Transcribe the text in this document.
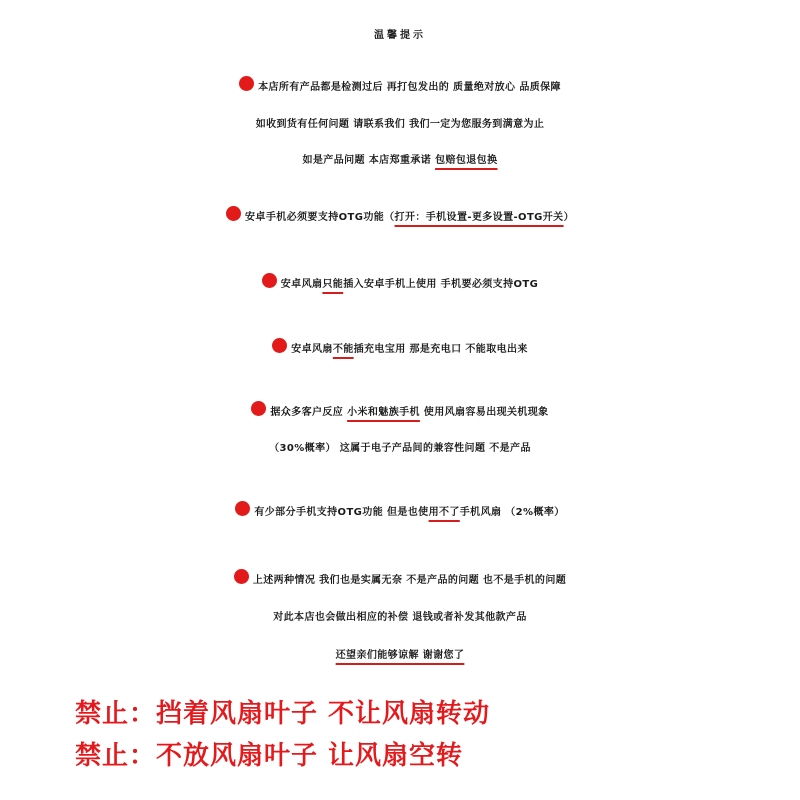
温馨提示
本店所有产品都是检测过后 再打包发出的 质量绝对放心 品质保障
如收到货有任何问题 请联系我们 我们一定为您服务到满意为止
如是产品问题 本店郑重承诺 包赔包退包换
安卓手机必须要支持OTG功能（打开：手机设置-更多设置-OTG开关）
安卓风扇只能插入安卓手机上使用 手机要必须支持OTG
安卓风扇不能插充电宝用 那是充电口 不能取电出来
据众多客户反应 小米和魅族手机 使用风扇容易出现关机现象
（30%概率） 这属于电子产品间的兼容性问题 不是产品
有少部分手机支持OTG功能 但是也使用不了手机风扇 （2%概率）
上述两种情况 我们也是实属无奈 不是产品的问题 也不是手机的问题
对此本店也会做出相应的补偿 退钱或者补发其他款产品
还望亲们能够谅解 谢谢您了
禁止：挡着风扇叶子 不让风扇转动
禁止：不放风扇叶子 让风扇空转
